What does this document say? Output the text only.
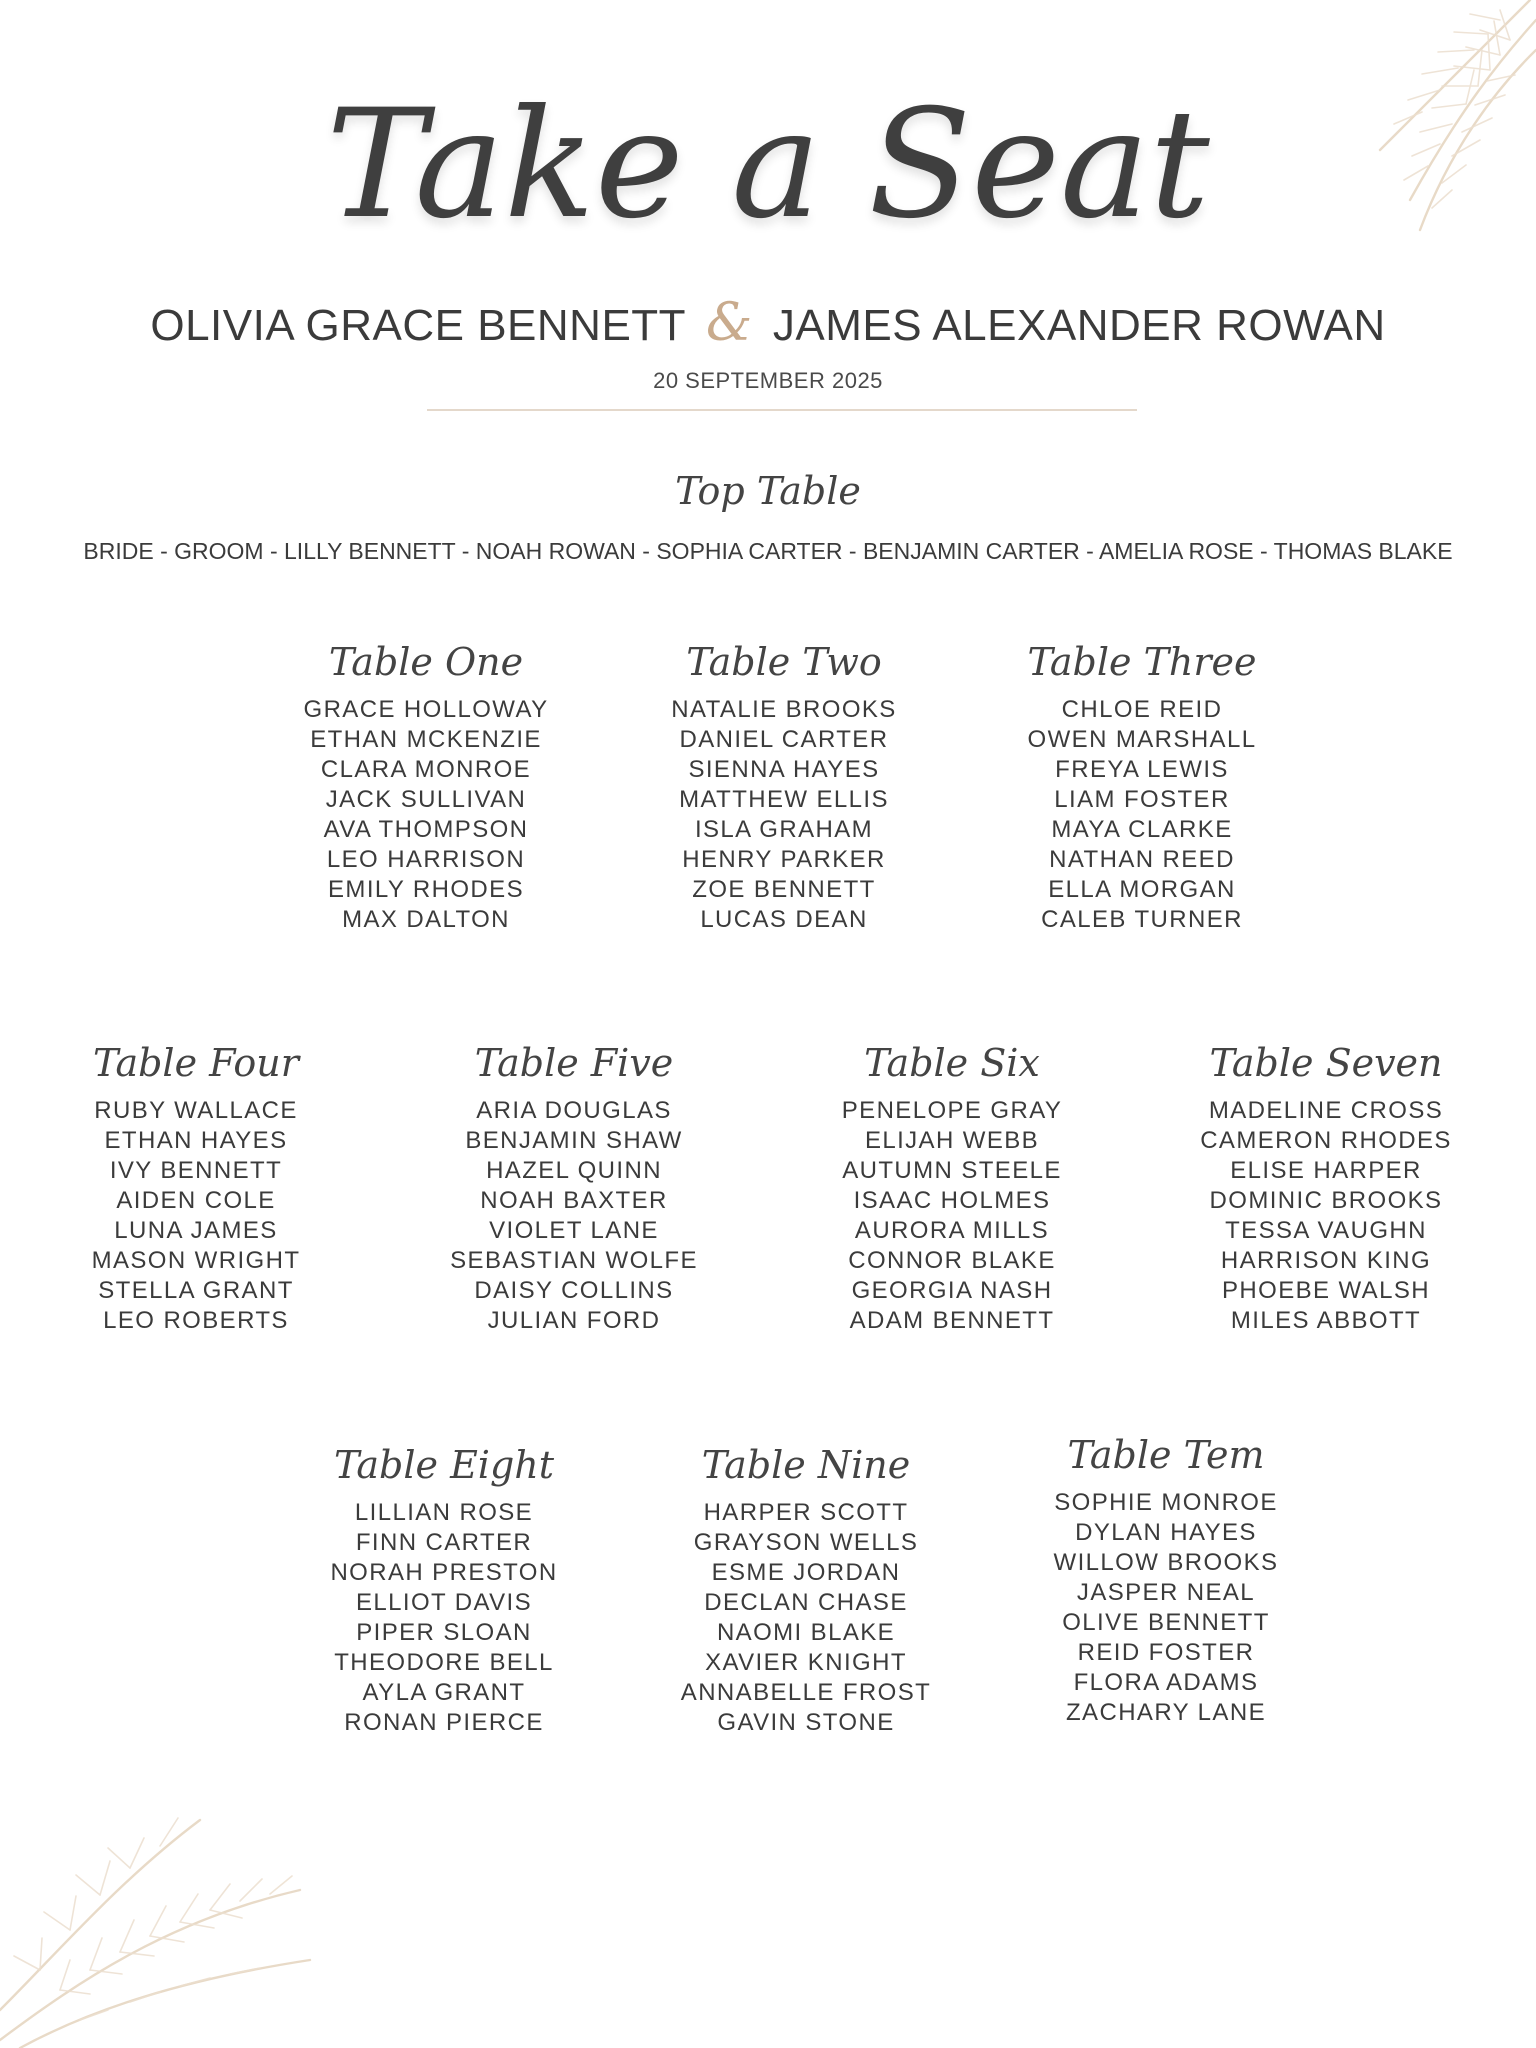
Take a Seat
OLIVIA GRACE BENNETT & JAMES ALEXANDER ROWAN
20 SEPTEMBER 2025
Top Table
BRIDE - GROOM - LILLY BENNETT - NOAH ROWAN - SOPHIA CARTER - BENJAMIN CARTER - AMELIA ROSE - THOMAS BLAKE
Table One
GRACE HOLLOWAY
ETHAN MCKENZIE
CLARA MONROE
JACK SULLIVAN
AVA THOMPSON
LEO HARRISON
EMILY RHODES
MAX DALTON
Table Two
NATALIE BROOKS
DANIEL CARTER
SIENNA HAYES
MATTHEW ELLIS
ISLA GRAHAM
HENRY PARKER
ZOE BENNETT
LUCAS DEAN
Table Three
CHLOE REID
OWEN MARSHALL
FREYA LEWIS
LIAM FOSTER
MAYA CLARKE
NATHAN REED
ELLA MORGAN
CALEB TURNER
Table Four
RUBY WALLACE
ETHAN HAYES
IVY BENNETT
AIDEN COLE
LUNA JAMES
MASON WRIGHT
STELLA GRANT
LEO ROBERTS
Table Five
ARIA DOUGLAS
BENJAMIN SHAW
HAZEL QUINN
NOAH BAXTER
VIOLET LANE
SEBASTIAN WOLFE
DAISY COLLINS
JULIAN FORD
Table Six
PENELOPE GRAY
ELIJAH WEBB
AUTUMN STEELE
ISAAC HOLMES
AURORA MILLS
CONNOR BLAKE
GEORGIA NASH
ADAM BENNETT
Table Seven
MADELINE CROSS
CAMERON RHODES
ELISE HARPER
DOMINIC BROOKS
TESSA VAUGHN
HARRISON KING
PHOEBE WALSH
MILES ABBOTT
Table Eight
LILLIAN ROSE
FINN CARTER
NORAH PRESTON
ELLIOT DAVIS
PIPER SLOAN
THEODORE BELL
AYLA GRANT
RONAN PIERCE
Table Nine
HARPER SCOTT
GRAYSON WELLS
ESME JORDAN
DECLAN CHASE
NAOMI BLAKE
XAVIER KNIGHT
ANNABELLE FROST
GAVIN STONE
Table Tem
SOPHIE MONROE
DYLAN HAYES
WILLOW BROOKS
JASPER NEAL
OLIVE BENNETT
REID FOSTER
FLORA ADAMS
ZACHARY LANE
